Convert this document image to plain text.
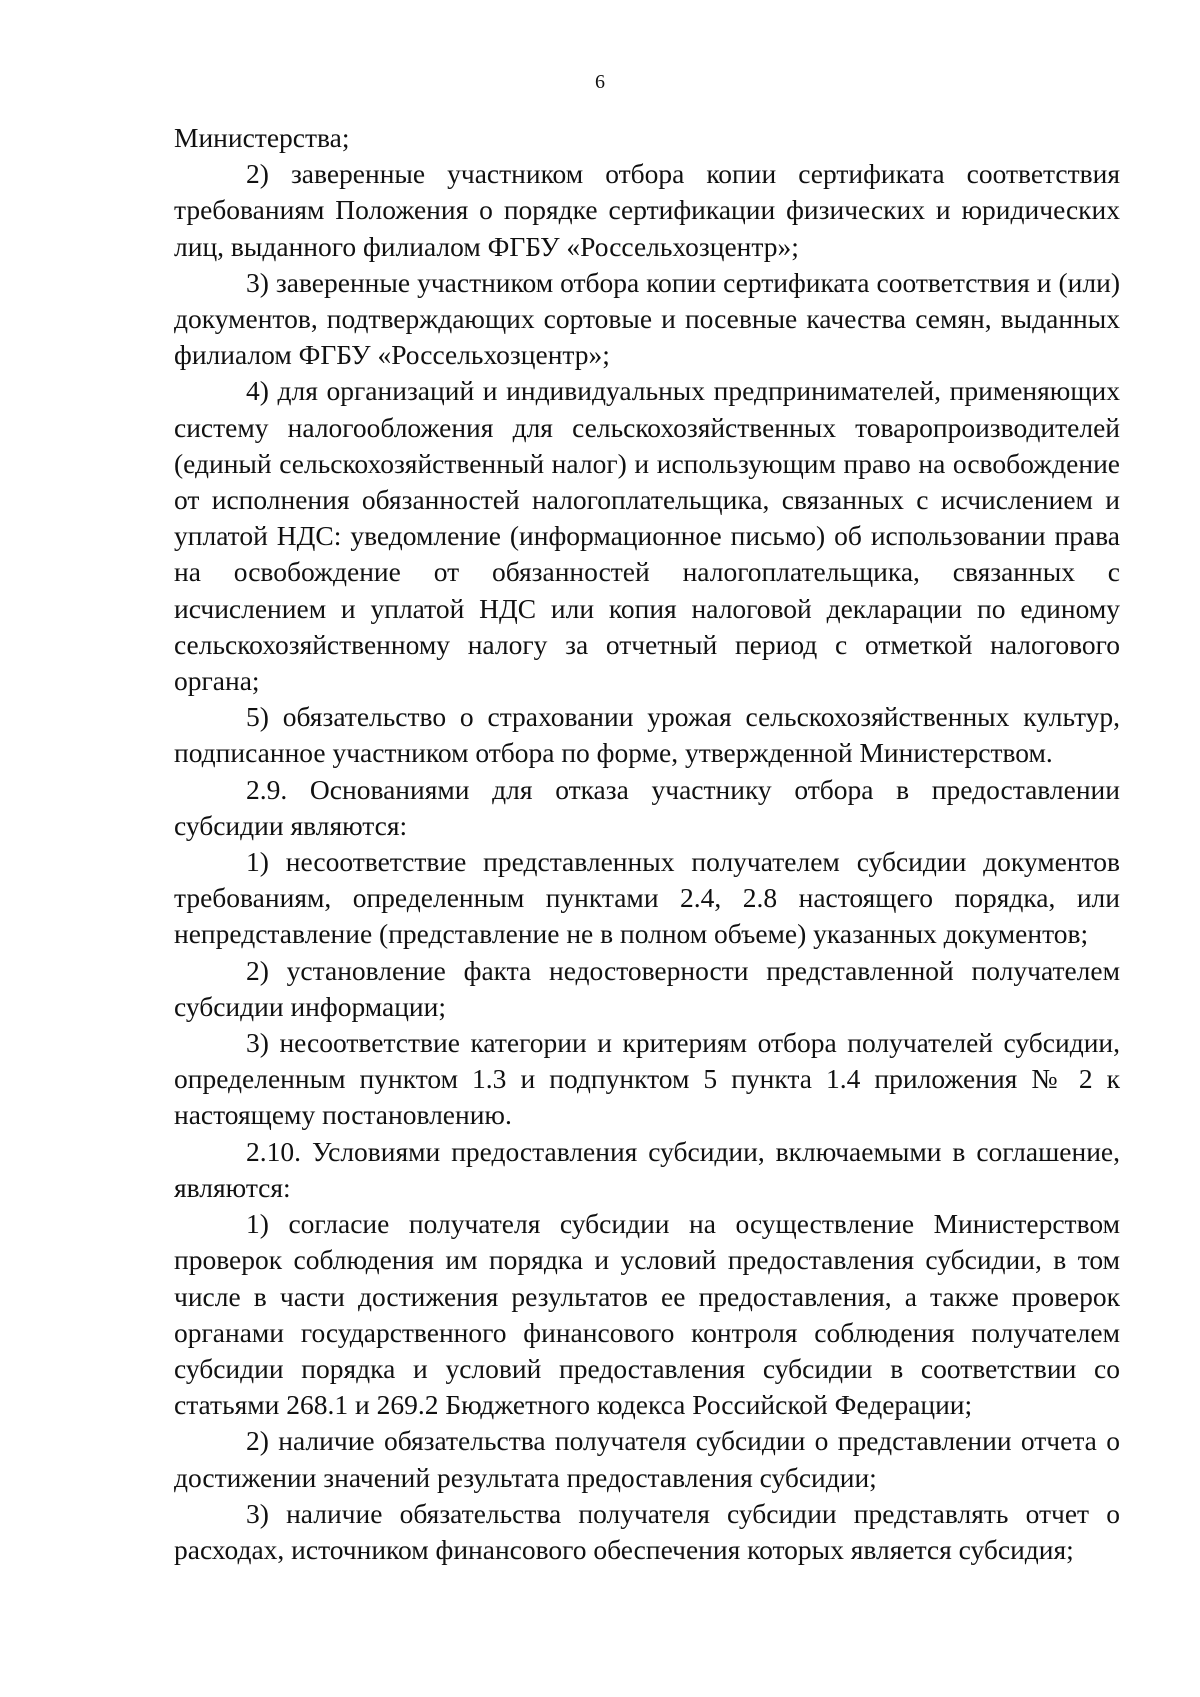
6

Министерства;

2) заверенные участником отбора копии сертификата соответствия требованиям Положения о порядке сертификации физических и юридических лиц, выданного филиалом ФГБУ «Россельхозцентр»;

3) заверенные участником отбора копии сертификата соответствия и (или) документов, подтверждающих сортовые и посевные качества семян, выданных филиалом ФГБУ «Россельхозцентр»;

4) для организаций и индивидуальных предпринимателей, применяющих систему налогообложения для сельскохозяйственных товаропроизводителей (единый сельскохозяйственный налог) и использующим право на освобождение от исполнения обязанностей налогоплательщика, связанных с исчислением и уплатой НДС: уведомление (информационное письмо) об использовании права на освобождение от обязанностей налогоплательщика, связанных с исчислением и уплатой НДС или копия налоговой декларации по единому сельскохозяйственному налогу за отчетный период с отметкой налогового органа;

5) обязательство о страховании урожая сельскохозяйственных культур, подписанное участником отбора по форме, утвержденной Министерством.

2.9. Основаниями для отказа участнику отбора в предоставлении субсидии являются:

1) несоответствие представленных получателем субсидии документов требованиям, определенным пунктами 2.4, 2.8 настоящего порядка, или непредставление (представление не в полном объеме) указанных документов;

2) установление факта недостоверности представленной получателем субсидии информации;

3) несоответствие категории и критериям отбора получателей субсидии, определенным пунктом 1.3 и подпунктом 5 пункта 1.4 приложения № 2 к настоящему постановлению.

2.10. Условиями предоставления субсидии, включаемыми в соглашение, являются:

1) согласие получателя субсидии на осуществление Министерством проверок соблюдения им порядка и условий предоставления субсидии, в том числе в части достижения результатов ее предоставления, а также проверок органами государственного финансового контроля соблюдения получателем субсидии порядка и условий предоставления субсидии в соответствии со статьями 268.1 и 269.2 Бюджетного кодекса Российской Федерации;

2) наличие обязательства получателя субсидии о представлении отчета о достижении значений результата предоставления субсидии;

3) наличие обязательства получателя субсидии представлять отчет о расходах, источником финансового обеспечения которых является субсидия;
